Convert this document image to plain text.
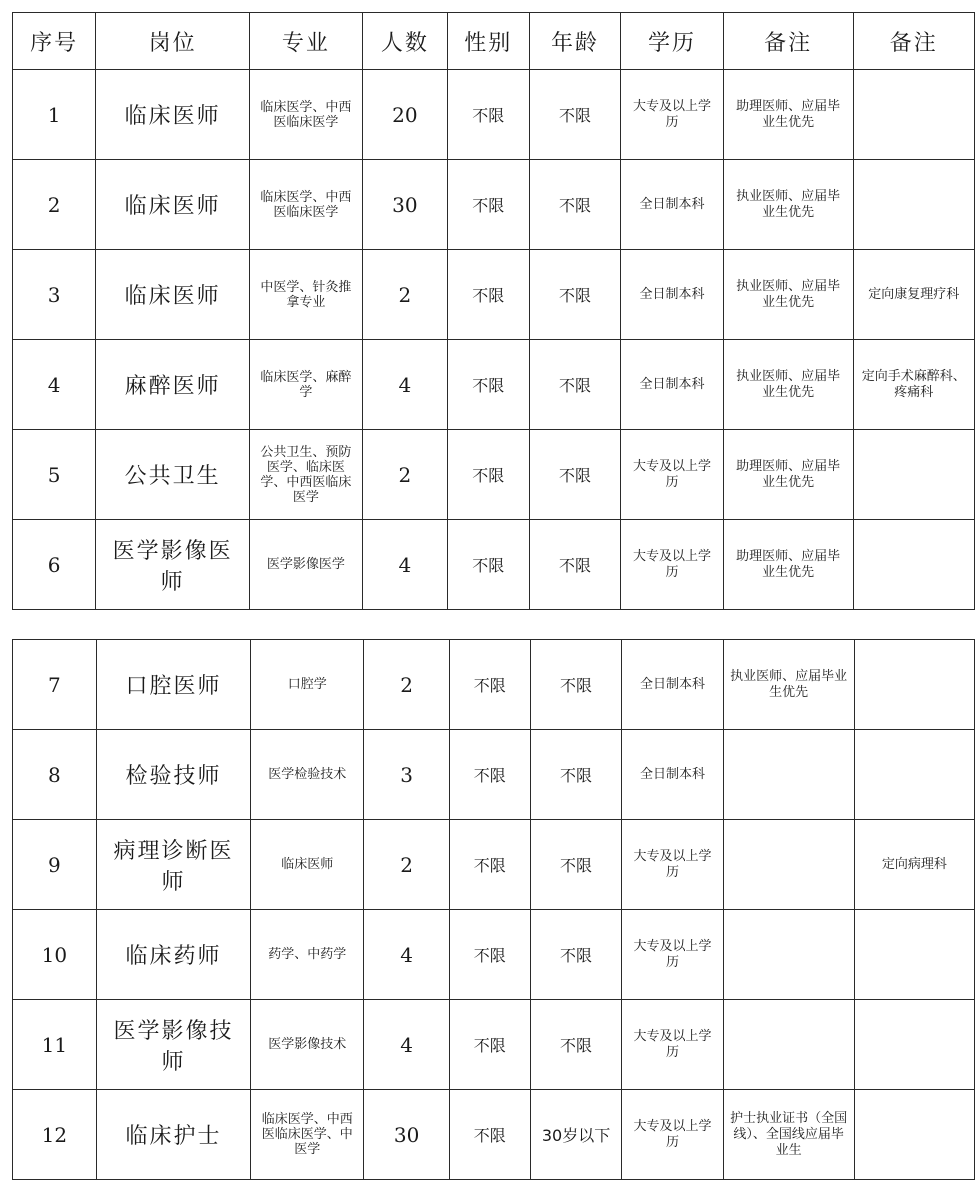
序号	岗位	专业	人数	性别	年龄	学历	备注	备注
1	临床医师	临床医学、中西医临床医学	20	不限	不限	大专及以上学历	助理医师、应届毕业生优先	
2	临床医师	临床医学、中西医临床医学	30	不限	不限	全日制本科	执业医师、应届毕业生优先	
3	临床医师	中医学、针灸推拿专业	2	不限	不限	全日制本科	执业医师、应届毕业生优先	定向康复理疗科
4	麻醉医师	临床医学、麻醉学	4	不限	不限	全日制本科	执业医师、应届毕业生优先	定向手术麻醉科、疼痛科
5	公共卫生	公共卫生、预防医学、临床医学、中西医临床医学	2	不限	不限	大专及以上学历	助理医师、应届毕业生优先	
6	医学影像医师	医学影像医学	4	不限	不限	大专及以上学历	助理医师、应届毕业生优先	
7	口腔医师	口腔学	2	不限	不限	全日制本科	执业医师、应届毕业生优先	
8	检验技师	医学检验技术	3	不限	不限	全日制本科		
9	病理诊断医师	临床医师	2	不限	不限	大专及以上学历		定向病理科
10	临床药师	药学、中药学	4	不限	不限	大专及以上学历		
11	医学影像技师	医学影像技术	4	不限	不限	大专及以上学历		
12	临床护士	临床医学、中西医临床医学、中医学	30	不限	30岁以下	大专及以上学历	护士执业证书（全国线）、全国线应届毕业生	
